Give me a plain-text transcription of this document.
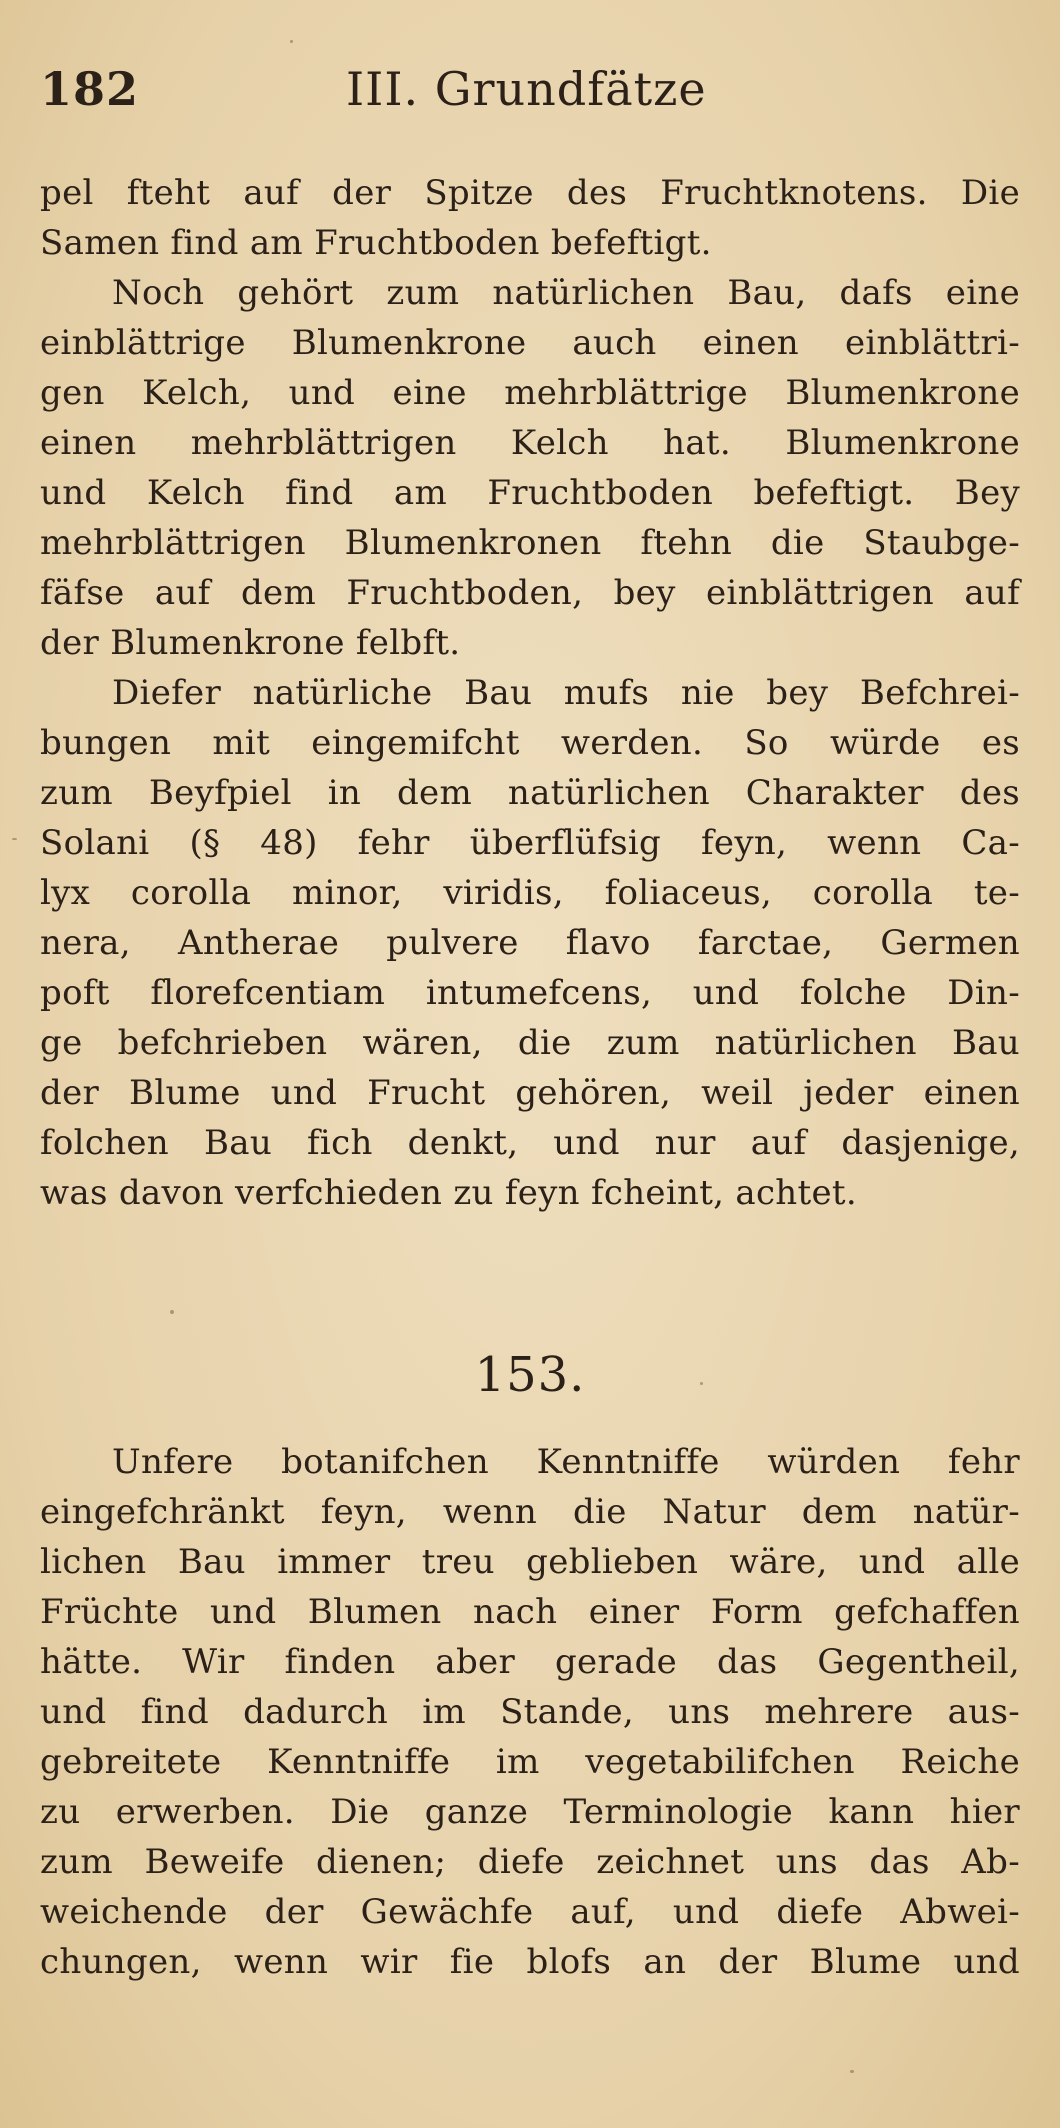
182	III. Grundfätze
pel fteht auf der Spitze des Fruchtknotens. Die
Samen find am Fruchtboden befeftigt.
Noch gehört zum natürlichen Bau, dafs eine
einblättrige Blumenkrone auch einen einblättri-
gen Kelch, und eine mehrblättrige Blumenkrone
einen mehrblättrigen Kelch hat. Blumenkrone
und Kelch find am Fruchtboden befeftigt. Bey
mehrblättrigen Blumenkronen ftehn die Staubge-
fäfse auf dem Fruchtboden, bey einblättrigen auf
der Blumenkrone felbft.
Diefer natürliche Bau mufs nie bey Befchrei-
bungen mit eingemifcht werden. So würde es
zum Beyfpiel in dem natürlichen Charakter des
Solani (§ 48) fehr überflüfsig feyn, wenn Ca-
lyx corolla minor, viridis, foliaceus, corolla te-
nera, Antherae pulvere flavo farctae, Germen
poft florefcentiam intumefcens, und folche Din-
ge befchrieben wären, die zum natürlichen Bau
der Blume und Frucht gehören, weil jeder einen
folchen Bau fich denkt, und nur auf dasjenige,
was davon verfchieden zu feyn fcheint, achtet.
153.
Unfere botanifchen Kenntniffe würden fehr
eingefchränkt feyn, wenn die Natur dem natür-
lichen Bau immer treu geblieben wäre, und alle
Früchte und Blumen nach einer Form gefchaffen
hätte. Wir finden aber gerade das Gegentheil,
und find dadurch im Stande, uns mehrere aus-
gebreitete Kenntniffe im vegetabilifchen Reiche
zu erwerben. Die ganze Terminologie kann hier
zum Beweife dienen; diefe zeichnet uns das Ab-
weichende der Gewächfe auf, und diefe Abwei-
chungen, wenn wir fie blofs an der Blume und
